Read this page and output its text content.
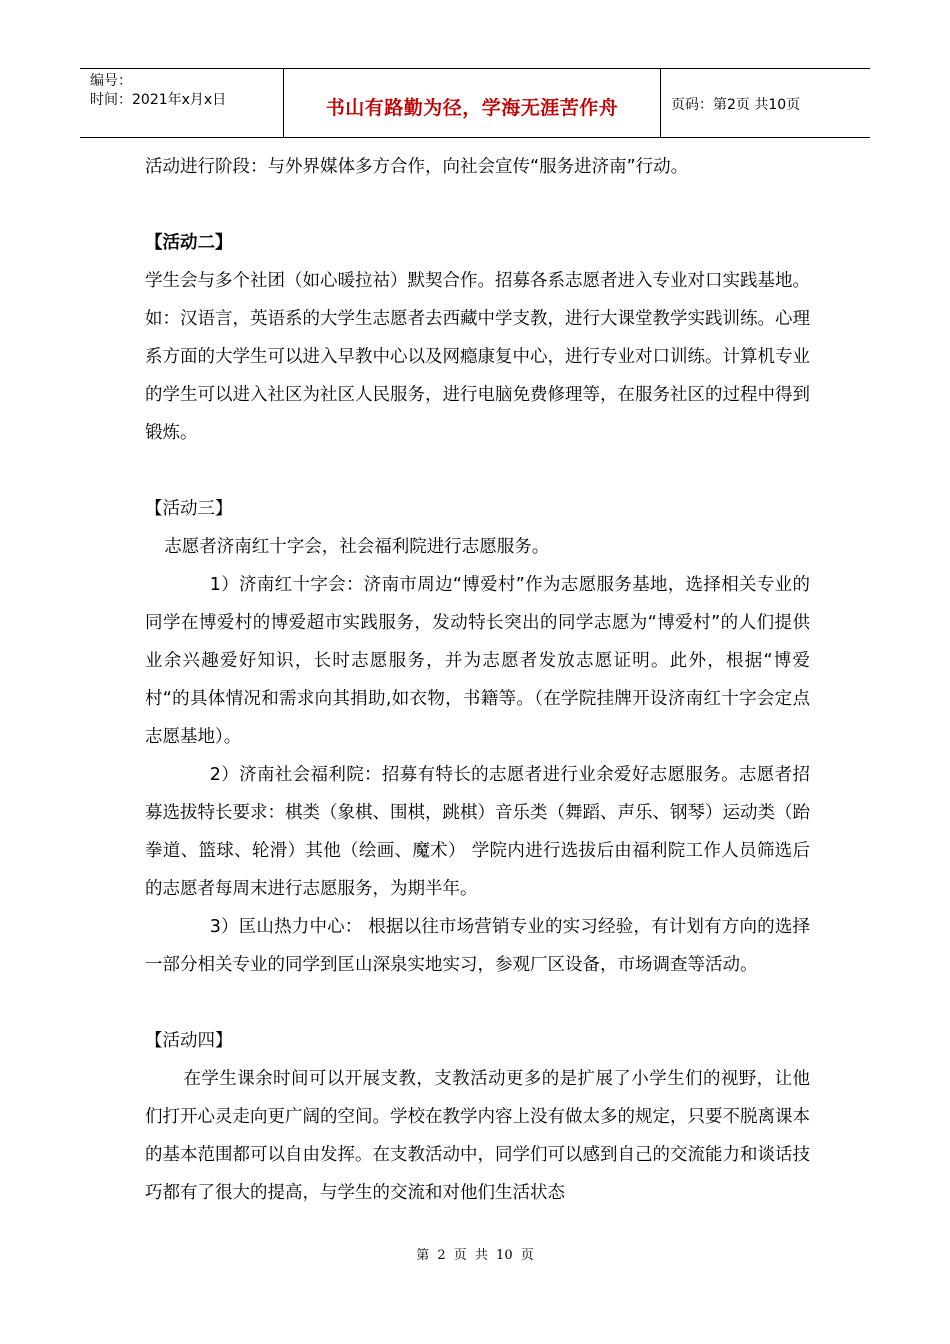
编号：
时间：2021年x月x日	书山有路勤为径，学海无涯苦作舟	页码：第2页 共10页

活动进行阶段：与外界媒体多方合作，向社会宣传“服务进济南”行动。

【活动二】

学生会与多个社团（如心暖拉祜）默契合作。招募各系志愿者进入专业对口实践基地。如：汉语言，英语系的大学生志愿者去西藏中学支教，进行大课堂教学实践训练。心理系方面的大学生可以进入早教中心以及网瘾康复中心，进行专业对口训练。计算机专业的学生可以进入社区为社区人民服务，进行电脑免费修理等，在服务社区的过程中得到锻炼。

【活动三】

志愿者济南红十字会，社会福利院进行志愿服务。

1）济南红十字会：济南市周边“博爱村”作为志愿服务基地，选择相关专业的同学在博爱村的博爱超市实践服务，发动特长突出的同学志愿为“博爱村”的人们提供业余兴趣爱好知识，长时志愿服务，并为志愿者发放志愿证明。此外，根据“博爱村“的具体情况和需求向其捐助,如衣物，书籍等。（在学院挂牌开设济南红十字会定点志愿基地）。

2）济南社会福利院：招募有特长的志愿者进行业余爱好志愿服务。志愿者招募选拔特长要求：棋类（象棋、围棋，跳棋）音乐类（舞蹈、声乐、钢琴）运动类（跆拳道、篮球、轮滑）其他（绘画、魔术） 学院内进行选拔后由福利院工作人员筛选后的志愿者每周末进行志愿服务，为期半年。

3）匡山热力中心： 根据以往市场营销专业的实习经验，有计划有方向的选择一部分相关专业的同学到匡山深泉实地实习，参观厂区设备，市场调查等活动。

【活动四】

在学生课余时间可以开展支教，支教活动更多的是扩展了小学生们的视野，让他们打开心灵走向更广阔的空间。学校在教学内容上没有做太多的规定，只要不脱离课本的基本范围都可以自由发挥。在支教活动中，同学们可以感到自己的交流能力和谈话技巧都有了很大的提高，与学生的交流和对他们生活状态

第 2 页 共 10 页
